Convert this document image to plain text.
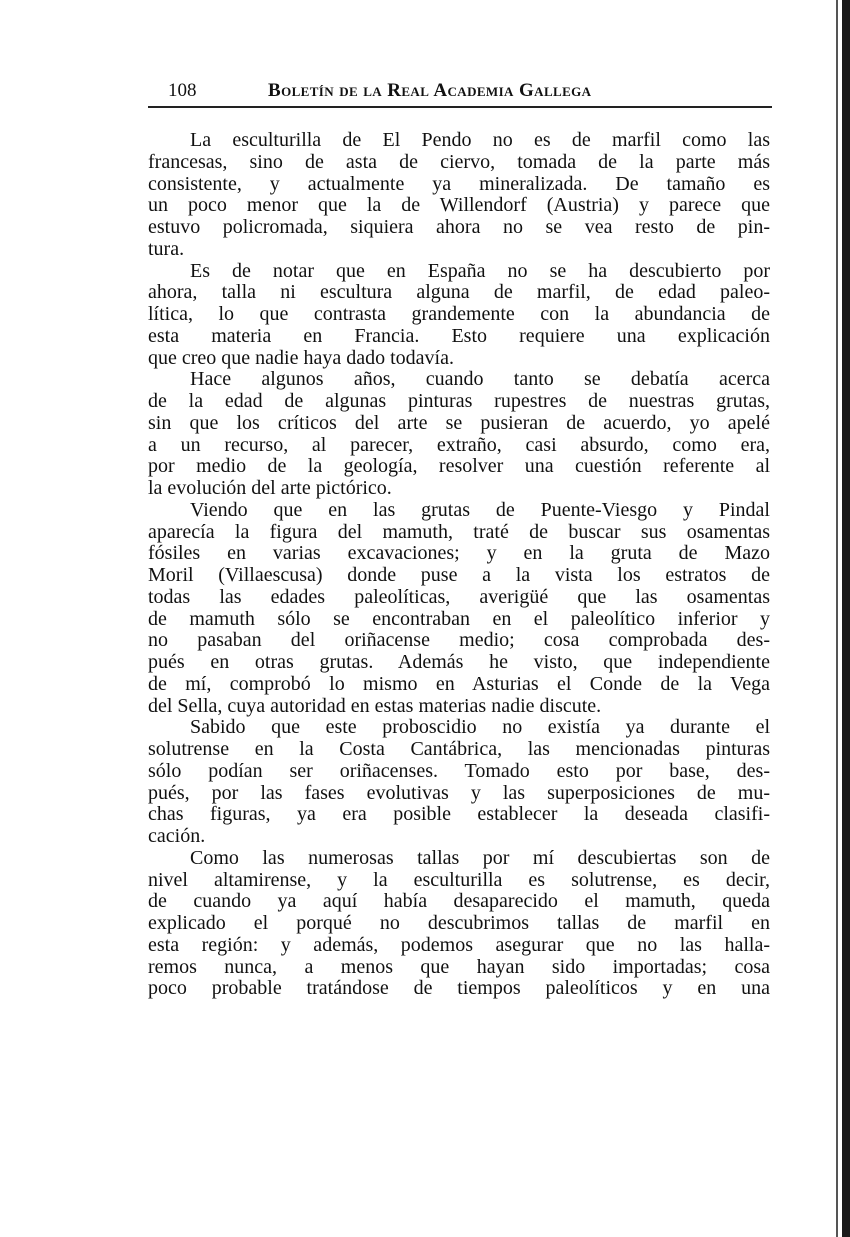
108	Boletín de la Real Academia Gallega
La esculturilla de El Pendo no es de marfil como las
francesas, sino de asta de ciervo, tomada de la parte más
consistente, y actualmente ya mineralizada. De tamaño es
un poco menor que la de Willendorf (Austria) y parece que
estuvo policromada, siquiera ahora no se vea resto de pin-
tura.
Es de notar que en España no se ha descubierto por
ahora, talla ni escultura alguna de marfil, de edad paleo-
lítica, lo que contrasta grandemente con la abundancia de
esta materia en Francia. Esto requiere una explicación
que creo que nadie haya dado todavía.
Hace algunos años, cuando tanto se debatía acerca
de la edad de algunas pinturas rupestres de nuestras grutas,
sin que los críticos del arte se pusieran de acuerdo, yo apelé
a un recurso, al parecer, extraño, casi absurdo, como era,
por medio de la geología, resolver una cuestión referente al
la evolución del arte pictórico.
Viendo que en las grutas de Puente-Viesgo y Pindal
aparecía la figura del mamuth, traté de buscar sus osamentas
fósiles en varias excavaciones; y en la gruta de Mazo
Moril (Villaescusa) donde puse a la vista los estratos de
todas las edades paleolíticas, averigüé que las osamentas
de mamuth sólo se encontraban en el paleolítico inferior y
no pasaban del oriñacense medio; cosa comprobada des-
pués en otras grutas. Además he visto, que independiente
de mí, comprobó lo mismo en Asturias el Conde de la Vega
del Sella, cuya autoridad en estas materias nadie discute.
Sabido que este proboscidio no existía ya durante el
solutrense en la Costa Cantábrica, las mencionadas pinturas
sólo podían ser oriñacenses. Tomado esto por base, des-
pués, por las fases evolutivas y las superposiciones de mu-
chas figuras, ya era posible establecer la deseada clasifi-
cación.
Como las numerosas tallas por mí descubiertas son de
nivel altamirense, y la esculturilla es solutrense, es decir,
de cuando ya aquí había desaparecido el mamuth, queda
explicado el porqué no descubrimos tallas de marfil en
esta región: y además, podemos asegurar que no las halla-
remos nunca, a menos que hayan sido importadas; cosa
poco probable tratándose de tiempos paleolíticos y en una
